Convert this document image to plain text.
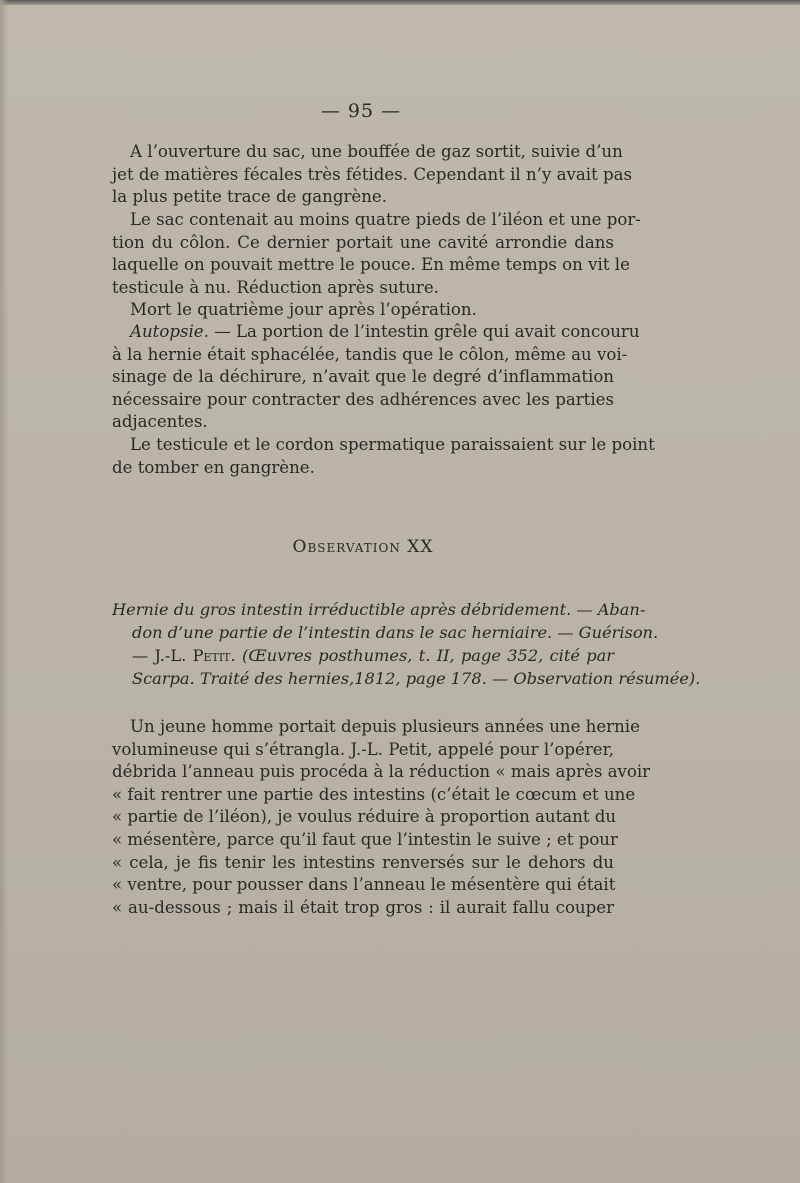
— 95 —
A l’ouverture du sac, une bouffée de gaz sortit, suivie d’un
jet de matières fécales très fétides. Cependant il n’y avait pas
la plus petite trace de gangrène.
Le sac contenait au moins quatre pieds de l’iléon et une por-
tion du côlon. Ce dernier portait une cavité arrondie dans
laquelle on pouvait mettre le pouce. En même temps on vit le
testicule à nu. Réduction après suture.
Mort le quatrième jour après l’opération.
Autopsie. — La portion de l’intestin grêle qui avait concouru
à la hernie était sphacélée, tandis que le côlon, même au voi-
sinage de la déchirure, n’avait que le degré d’inflammation
nécessaire pour contracter des adhérences avec les parties
adjacentes.
Le testicule et le cordon spermatique paraissaient sur le point
de tomber en gangrène.
Observation XX
Hernie du gros intestin irréductible après débridement. — Aban-
don d’une partie de l’intestin dans le sac herniaire. — Guérison.
— J.-L. Petit. (Œuvres posthumes, t. II, page 352, cité par
Scarpa. Traité des hernies,1812, page 178. — Observation résumée).
Un jeune homme portait depuis plusieurs années une hernie
volumineuse qui s’étrangla. J.-L. Petit, appelé pour l’opérer,
débrida l’anneau puis procéda à la réduction « mais après avoir
« fait rentrer une partie des intestins (c’était le cœcum et une
« partie de l’iléon), je voulus réduire à proportion autant du
« mésentère, parce qu’il faut que l’intestin le suive ; et pour
« cela, je fis tenir les intestins renversés sur le dehors du
« ventre, pour pousser dans l’anneau le mésentère qui était
« au-dessous ; mais il était trop gros : il aurait fallu couper
